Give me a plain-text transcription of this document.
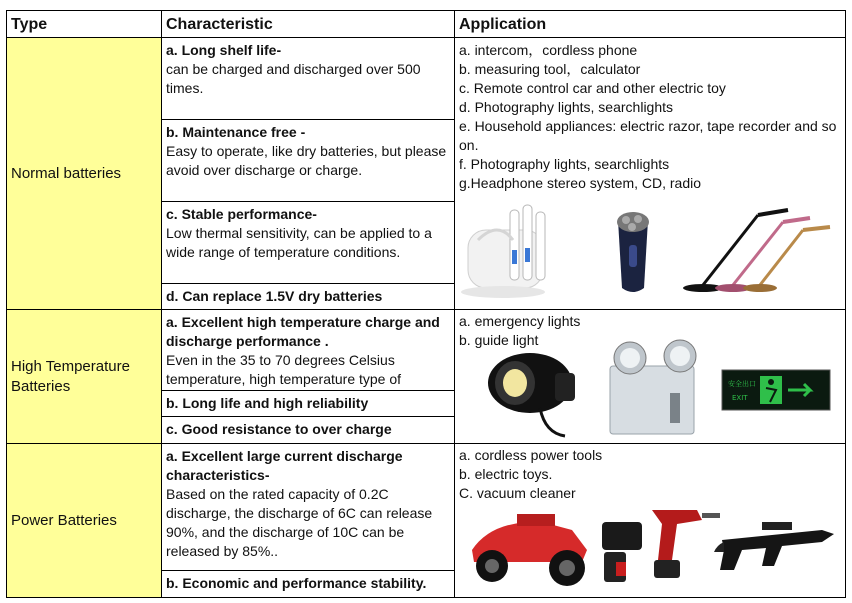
Type	Characteristic	Application
Normal batteries
High Temperature Batteries
Power Batteries
a. Long shelf life-
can be charged and discharged over 500 times.
b. Maintenance free -
Easy to operate, like dry batteries, but please avoid over discharge or charge.
c. Stable performance-
Low thermal sensitivity, can be applied to a wide range of temperature conditions.
d. Can replace 1.5V dry batteries
a. Excellent high temperature charge and discharge performance .
Even in the 35 to 70 degrees Celsius temperature, high temperature type of
b. Long life and high reliability
c. Good resistance to over charge
a. Excellent large current discharge characteristics-
Based on the rated capacity of 0.2C discharge, the discharge of 6C can release 90%, and the discharge of 10C can be released by 85%..
b. Economic and performance stability.
a. intercom，cordless phone
b. measuring tool，calculator
c. Remote control car and other electric toy
d. Photography lights, searchlights
e. Household appliances: electric razor, tape recorder and so on.
f. Photography lights, searchlights
g.Headphone stereo system, CD, radio
a. emergency lights
b. guide light
安全出口
EXIT
a. cordless power tools
b. electric toys.
C. vacuum cleaner
